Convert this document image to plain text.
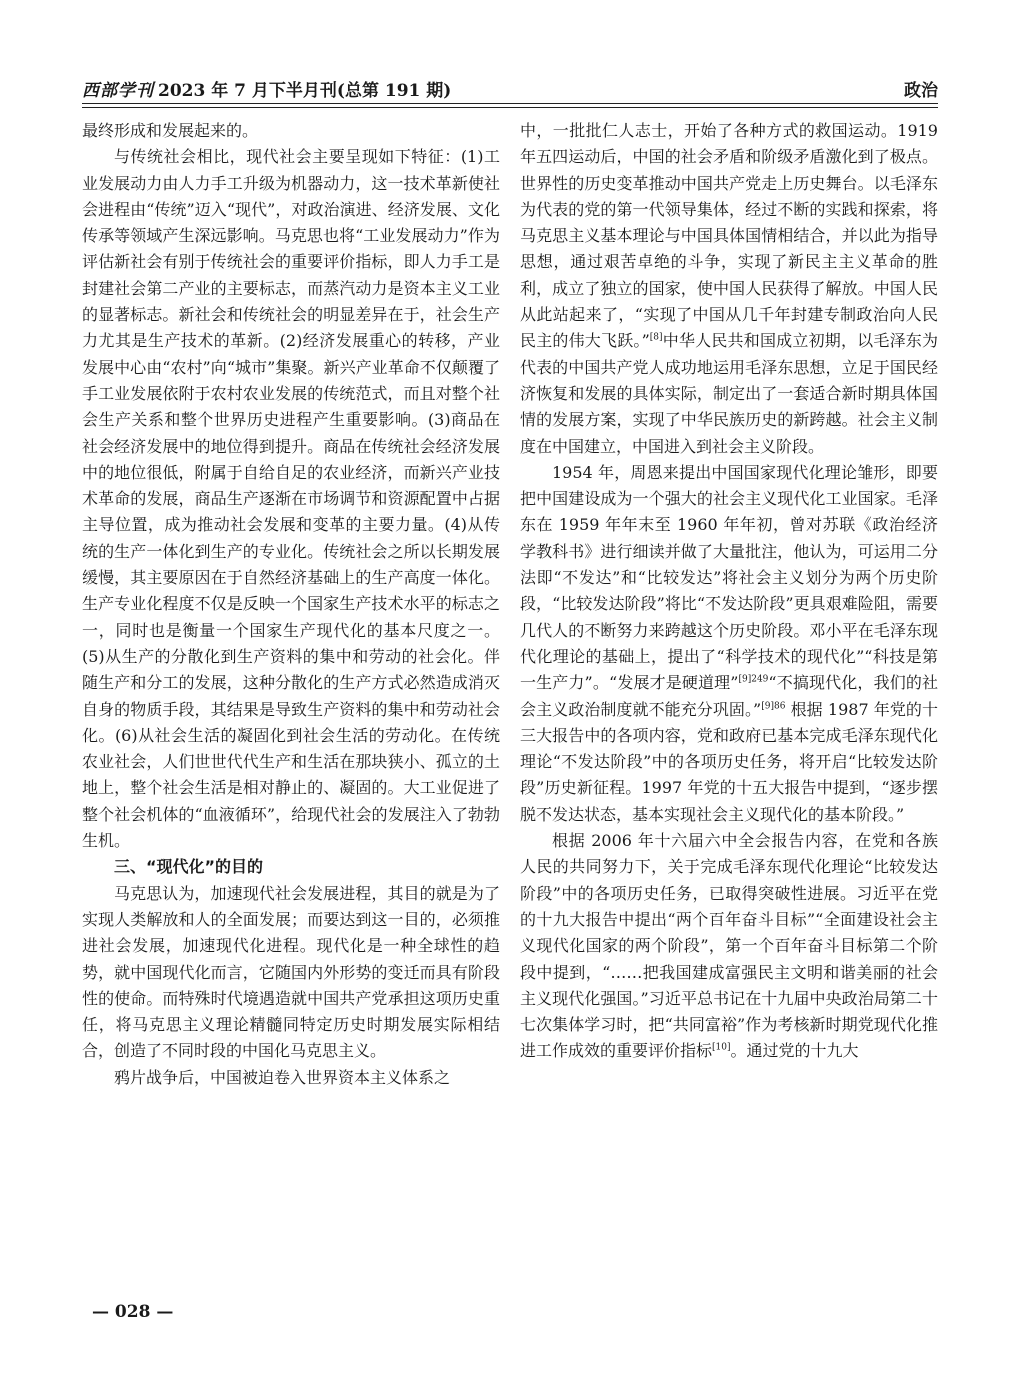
西部学刊 2023 年 7 月下半月刊(总第 191 期)	政治

最终形成和发展起来的。

与传统社会相比，现代社会主要呈现如下特征：(1)工业发展动力由人力手工升级为机器动力，这一技术革新使社会进程由“传统”迈入“现代”，对政治演进、经济发展、文化传承等领域产生深远影响。马克思也将“工业发展动力”作为评估新社会有别于传统社会的重要评价指标，即人力手工是封建社会第二产业的主要标志，而蒸汽动力是资本主义工业的显著标志。新社会和传统社会的明显差异在于，社会生产力尤其是生产技术的革新。(2)经济发展重心的转移，产业发展中心由“农村”向“城市”集聚。新兴产业革命不仅颠覆了手工业发展依附于农村农业发展的传统范式，而且对整个社会生产关系和整个世界历史进程产生重要影响。(3)商品在社会经济发展中的地位得到提升。商品在传统社会经济发展中的地位很低，附属于自给自足的农业经济，而新兴产业技术革命的发展，商品生产逐渐在市场调节和资源配置中占据主导位置，成为推动社会发展和变革的主要力量。(4)从传统的生产一体化到生产的专业化。传统社会之所以长期发展缓慢，其主要原因在于自然经济基础上的生产高度一体化。生产专业化程度不仅是反映一个国家生产技术水平的标志之一，同时也是衡量一个国家生产现代化的基本尺度之一。(5)从生产的分散化到生产资料的集中和劳动的社会化。伴随生产和分工的发展，这种分散化的生产方式必然造成消灭自身的物质手段，其结果是导致生产资料的集中和劳动社会化。(6)从社会生活的凝固化到社会生活的劳动化。在传统农业社会，人们世世代代生产和生活在那块狭小、孤立的土地上，整个社会生活是相对静止的、凝固的。大工业促进了整个社会机体的“血液循环”，给现代社会的发展注入了勃勃生机。

三、“现代化”的目的

马克思认为，加速现代社会发展进程，其目的就是为了实现人类解放和人的全面发展；而要达到这一目的，必须推进社会发展，加速现代化进程。现代化是一种全球性的趋势，就中国现代化而言，它随国内外形势的变迁而具有阶段性的使命。而特殊时代境遇造就中国共产党承担这项历史重任，将马克思主义理论精髓同特定历史时期发展实际相结合，创造了不同时段的中国化马克思主义。

鸦片战争后，中国被迫卷入世界资本主义体系之

中，一批批仁人志士，开始了各种方式的救国运动。1919 年五四运动后，中国的社会矛盾和阶级矛盾激化到了极点。世界性的历史变革推动中国共产党走上历史舞台。以毛泽东为代表的党的第一代领导集体，经过不断的实践和探索，将马克思主义基本理论与中国具体国情相结合，并以此为指导思想，通过艰苦卓绝的斗争，实现了新民主主义革命的胜利，成立了独立的国家，使中国人民获得了解放。中国人民从此站起来了，“实现了中国从几千年封建专制政治向人民民主的伟大飞跃。”[8]中华人民共和国成立初期，以毛泽东为代表的中国共产党人成功地运用毛泽东思想，立足于国民经济恢复和发展的具体实际，制定出了一套适合新时期具体国情的发展方案，实现了中华民族历史的新跨越。社会主义制度在中国建立，中国进入到社会主义阶段。

1954 年，周恩来提出中国国家现代化理论雏形，即要把中国建设成为一个强大的社会主义现代化工业国家。毛泽东在 1959 年年末至 1960 年年初，曾对苏联《政治经济学教科书》进行细读并做了大量批注，他认为，可运用二分法即“不发达”和“比较发达”将社会主义划分为两个历史阶段，“比较发达阶段”将比“不发达阶段”更具艰难险阻，需要几代人的不断努力来跨越这个历史阶段。邓小平在毛泽东现代化理论的基础上，提出了“科学技术的现代化”“科技是第一生产力”。“发展才是硬道理”$^{[9]249}$“不搞现代化，我们的社会主义政治制度就不能充分巩固。”$^{[9]86}$ 根据 1987 年党的十三大报告中的各项内容，党和政府已基本完成毛泽东现代化理论“不发达阶段”中的各项历史任务，将开启“比较发达阶段”历史新征程。1997 年党的十五大报告中提到，“逐步摆脱不发达状态，基本实现社会主义现代化的基本阶段。”

根据 2006 年十六届六中全会报告内容，在党和各族人民的共同努力下，关于完成毛泽东现代化理论“比较发达阶段”中的各项历史任务，已取得突破性进展。习近平在党的十九大报告中提出“两个百年奋斗目标”“全面建设社会主义现代化国家的两个阶段”，第一个百年奋斗目标第二个阶段中提到，“……把我国建成富强民主文明和谐美丽的社会主义现代化强国。”习近平总书记在十九届中央政治局第二十七次集体学习时，把“共同富裕”作为考核新时期党现代化推进工作成效的重要评价指标[10]。通过党的十九大

— 028 —
